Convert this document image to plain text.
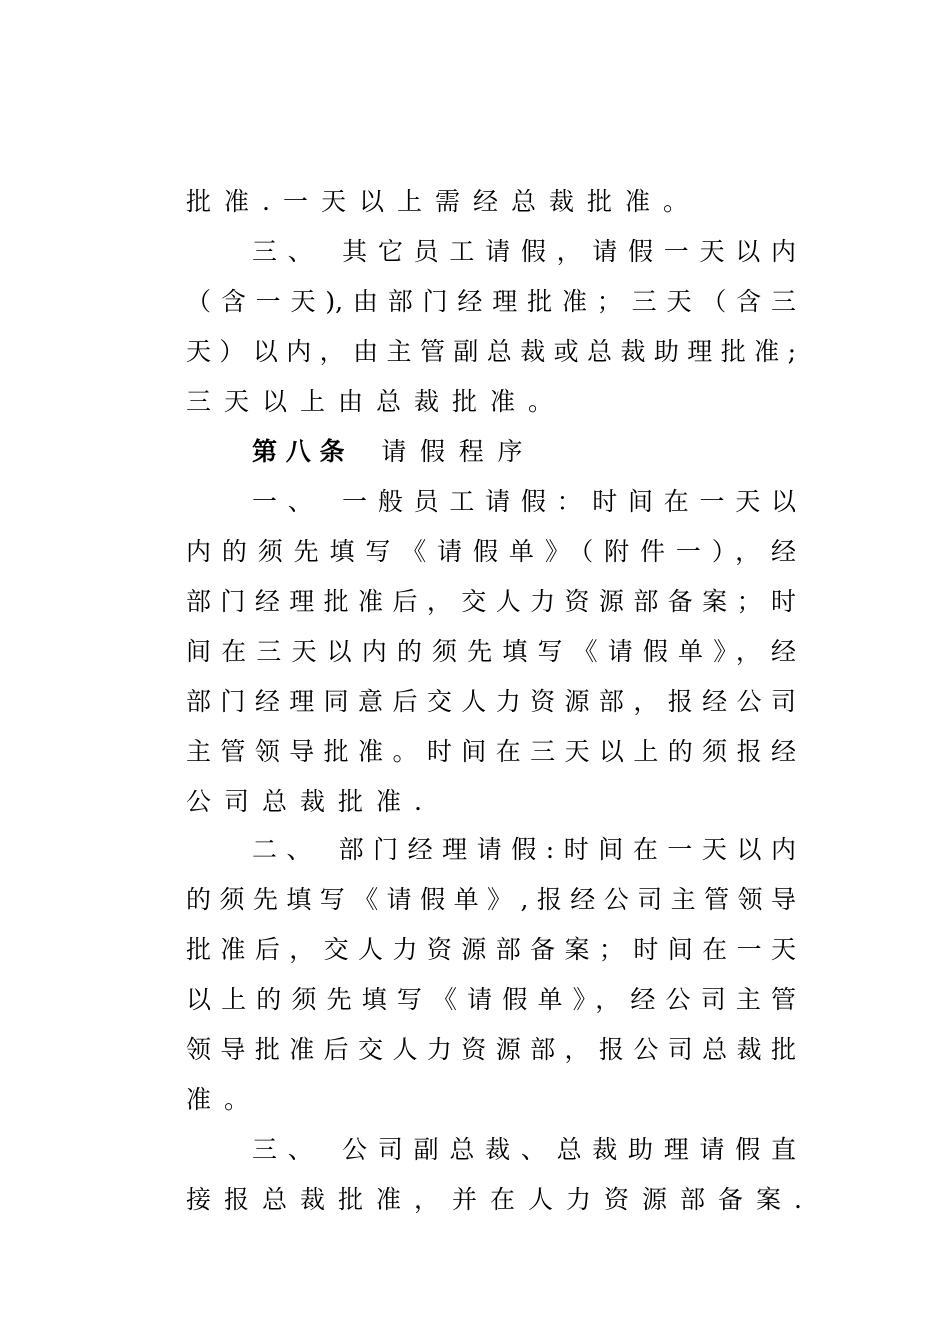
批准.一天以上需经总裁批准。
三、 其它员工请假，请假一天以内
（含一天),由部门经理批准；三天（含三
天）以内，由主管副总裁或总裁助理批准;
三天以上由总裁批准。
第八条 请假程序
一、 一般员工请假：时间在一天以
内的须先填写《请假单》（附件一），经
部门经理批准后，交人力资源部备案；时
间在三天以内的须先填写《请假单》，经
部门经理同意后交人力资源部，报经公司
主管领导批准。时间在三天以上的须报经
公司总裁批准.
二、 部门经理请假:时间在一天以内
的须先填写《请假单》,报经公司主管领导
批准后，交人力资源部备案；时间在一天
以上的须先填写《请假单》，经公司主管
领导批准后交人力资源部，报公司总裁批
准。
三、 公司副总裁、总裁助理请假直
接报总裁批准，并在人力资源部备案.
